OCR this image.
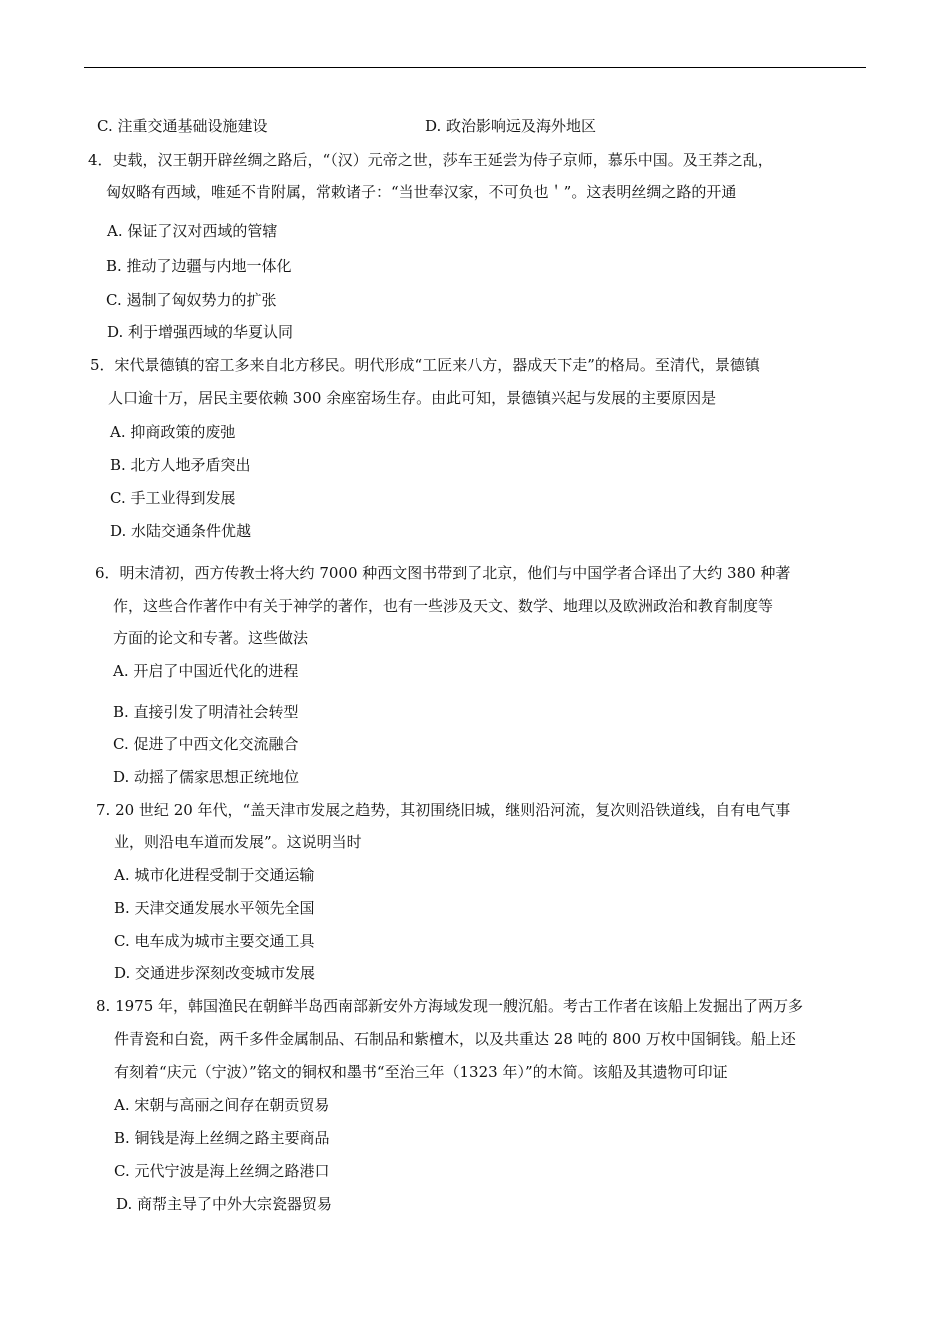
C. 注重交通基础设施建设	D. 政治影响远及海外地区
4．史载，汉王朝开辟丝绸之路后，“（汉）元帝之世，莎车王延尝为侍子京师，慕乐中国。及王莽之乱，
匈奴略有西域，唯延不肯附属，常敕诸子：“当世奉汉家，不可负也＇”。这表明丝绸之路的开通
A. 保证了汉对西域的管辖
B. 推动了边疆与内地一体化
C. 遏制了匈奴势力的扩张
D. 利于增强西域的华夏认同
5．宋代景德镇的窑工多来自北方移民。明代形成“工匠来八方，器成天下走”的格局。至清代，景德镇
人口逾十万，居民主要依赖 300 余座窑场生存。由此可知，景德镇兴起与发展的主要原因是
A. 抑商政策的废弛
B. 北方人地矛盾突出
C. 手工业得到发展
D. 水陆交通条件优越
6．明末清初，西方传教士将大约 7000 种西文图书带到了北京，他们与中国学者合译出了大约 380 种著
作，这些合作著作中有关于神学的著作，也有一些涉及天文、数学、地理以及欧洲政治和教育制度等
方面的论文和专著。这些做法
A. 开启了中国近代化的进程
B. 直接引发了明清社会转型
C. 促进了中西文化交流融合
D. 动摇了儒家思想正统地位
7. 20 世纪 20 年代，“盖天津市发展之趋势，其初围绕旧城，继则沿河流，复次则沿铁道线，自有电气事
业，则沿电车道而发展”。这说明当时
A. 城市化进程受制于交通运输
B. 天津交通发展水平领先全国
C. 电车成为城市主要交通工具
D. 交通进步深刻改变城市发展
8. 1975 年，韩国渔民在朝鲜半岛西南部新安外方海域发现一艘沉船。考古工作者在该船上发掘出了两万多
件青瓷和白瓷，两千多件金属制品、石制品和紫檀木，以及共重达 28 吨的 800 万枚中国铜钱。船上还
有刻着“庆元（宁波）”铭文的铜权和墨书“至治三年（1323 年）”的木简。该船及其遗物可印证
A. 宋朝与高丽之间存在朝贡贸易
B. 铜钱是海上丝绸之路主要商品
C. 元代宁波是海上丝绸之路港口
D. 商帮主导了中外大宗瓷器贸易
